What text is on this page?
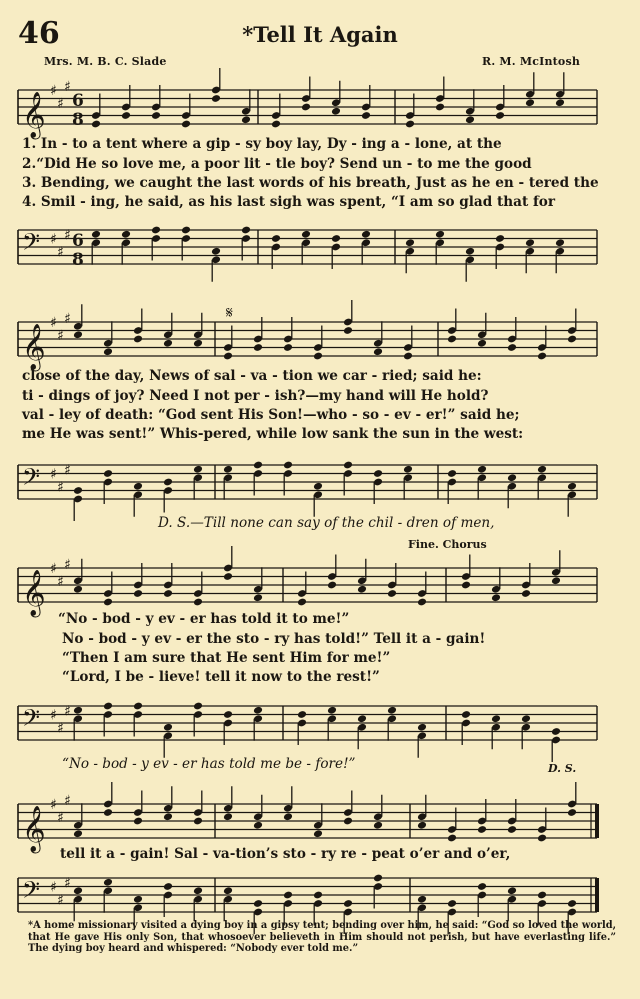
46	*Tell It Again
Mrs. M. B. C. Slade	R. M. McIntosh
𝄞
♯
♯
♯
6
8
1. In - to a tent where a gip - sy boy lay, Dy - ing a - lone, at the
2.“Did He so love me, a poor lit - tle boy? Send un - to me the good
3. Bending, we caught the last words of his breath, Just as he en - tered the
4. Smil - ing, he said, as his last sigh was spent, “I am so glad that for
𝄢 ♯
♯
♯ 6
8
𝄞
♯
♯
♯	𝄋
close of the day, News of sal - va - tion we car - ried; said he:
ti - dings of joy? Need I not per - ish?—my hand will He hold?
val - ley of death: “God sent His Son!—who - so - ev - er!” said he;
me He was sent!” Whis-pered, while low sank the sun in the west:
𝄢 ♯
♯
♯
D. S.—Till none can say of the chil - dren of men,
Fine. Chorus
𝄞
♯
♯
♯
“No - bod - y ev - er has told it to me!”
No - bod - y ev - er the sto - ry has told!” Tell it a - gain!
“Then I am sure that He sent Him for me!”
“Lord, I be - lieve! tell it now to the rest!”
𝄢 ♯
♯
♯
“No - bod - y ev - er has told me be - fore!”	D. S.
𝄞
♯
♯
♯
tell it a - gain! Sal - va-tion’s sto - ry re - peat o’er and o’er,
𝄢 ♯
♯
♯
*A home missionary visited a dying boy in a gipsy tent; bending over him, he said: “God so loved the world, that He gave His only Son, that whosoever believeth in Him should not perish, but have everlasting life.” The dying boy heard and whispered: “Nobody ever told me.”
